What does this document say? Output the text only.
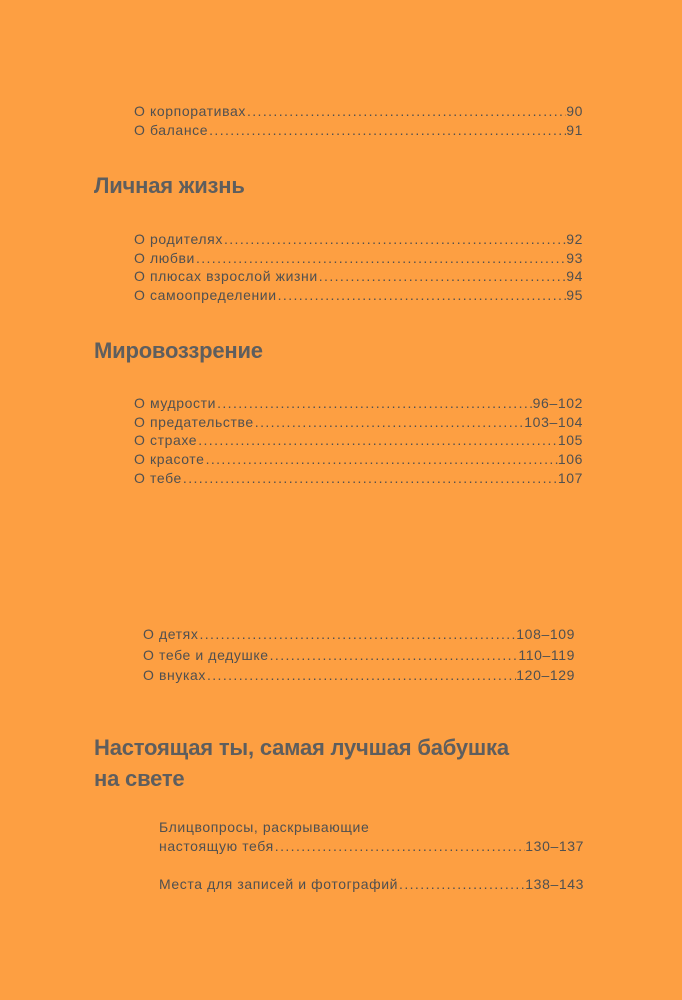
О корпоративах .....	90
О балансе .....	91
Личная жизнь
О родителях .....	92
О любви .....	93
О плюсах взрослой жизни .....	94
О самоопределении .....	95
Мировоззрение
О мудрости .....	96–102
О предательстве .....	103–104
О страхе .....	105
О красоте .....	106
О тебе .....	107
О детях .....	108–109
О тебе и дедушке .....	110–119
О внуках .....	120–129
Настоящая ты, самая лучшая бабушка
на свете
Блицвопросы, раскрывающие
настоящую тебя .....	130–137
Места для записей и фотографий .....	138–143
